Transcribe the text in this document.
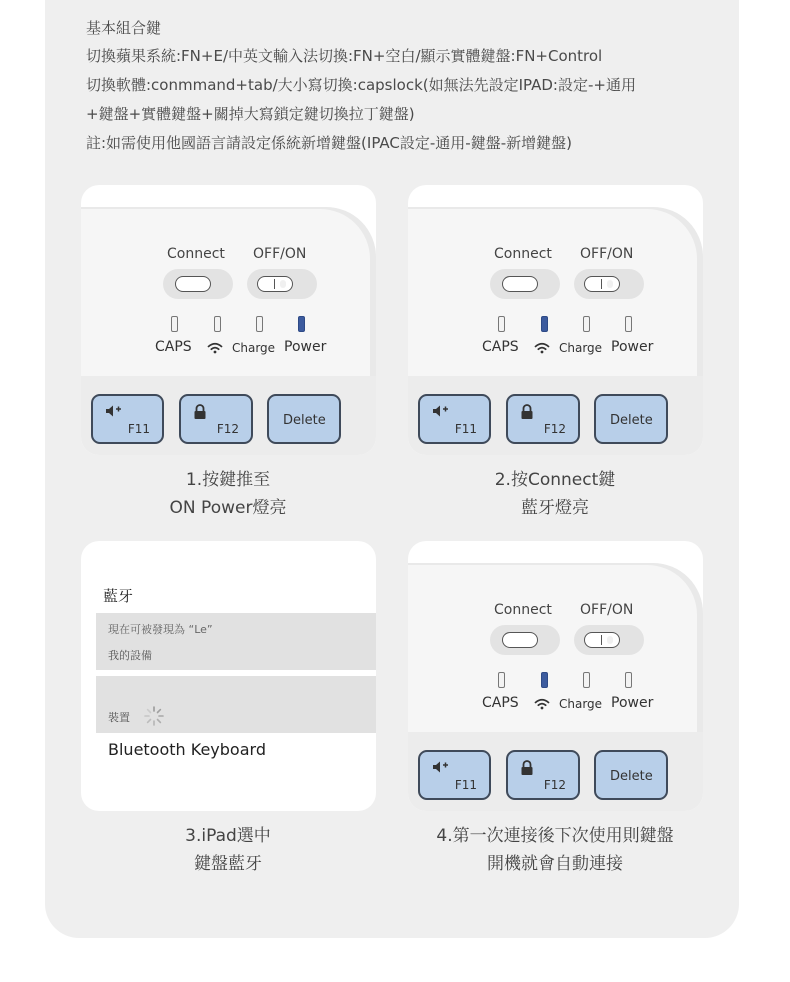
基本組合鍵

切換蘋果系統:FN+E/中英文輸入法切換:FN+空白/顯示實體鍵盤:FN+Control

切換軟體:conmmand+tab/大小寫切換:capslock(如無法先設定IPAD:設定-+通用

+鍵盤+實體鍵盤+關掉大寫鎖定鍵切換拉丁鍵盤)

註:如需使用他國語言請設定係統新增鍵盤(IPAC設定-通用-鍵盤-新增鍵盤)

Connect OFF/ON
CAPS	Charge Power
F11	F12
Delete
Connect OFF/ON
CAPS	Charge Power
F11	F12
Delete
1.按鍵推至
ON Power燈亮
2.按Connect鍵
藍牙燈亮
藍牙
現在可被發現為 “Le”
我的設備
裝置
Bluetooth Keyboard
Connect OFF/ON
CAPS	Charge Power
F11	F12
Delete
3.iPad選中
鍵盤藍牙
4.第一次連接後下次使用則鍵盤
開機就會自動連接
